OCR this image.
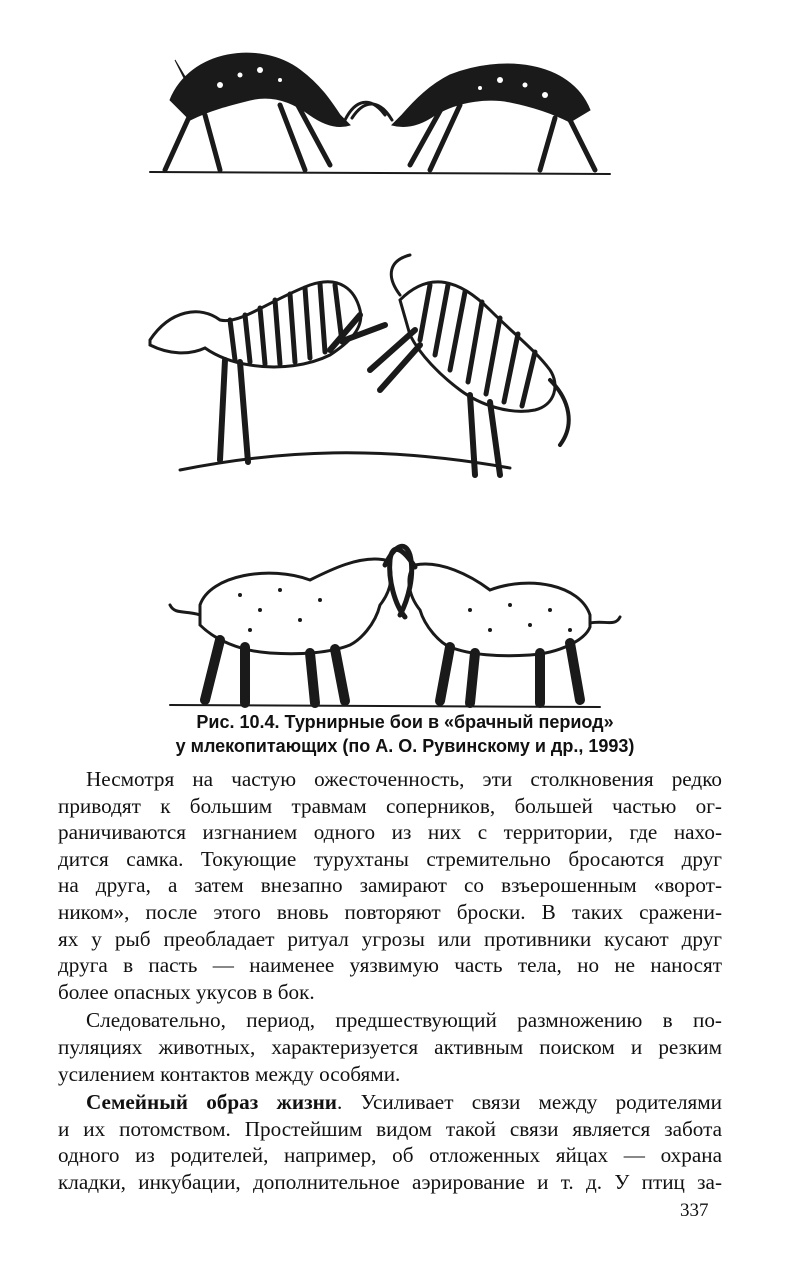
Рис. 10.4. Турнирные бои в «брачный период»
у млекопитающих (по А. О. Рувинскому и др., 1993)
Несмотря на частую ожесточенность, эти столкновения редко
приводят к большим травмам соперников, большей частью ог-
раничиваются изгнанием одного из них с территории, где нахо-
дится самка. Токующие турухтаны стремительно бросаются друг
на друга, а затем внезапно замирают со взъерошенным «ворот-
ником», после этого вновь повторяют броски. В таких сражени-
ях у рыб преобладает ритуал угрозы или противники кусают друг
друга в пасть — наименее уязвимую часть тела, но не наносят
более опасных укусов в бок.
Следовательно, период, предшествующий размножению в по-
пуляциях животных, характеризуется активным поиском и резким
усилением контактов между особями.
Семейный образ жизни. Усиливает связи между родителями
и их потомством. Простейшим видом такой связи является забота
одного из родителей, например, об отложенных яйцах — охрана
кладки, инкубации, дополнительное аэрирование и т. д. У птиц за-
337
